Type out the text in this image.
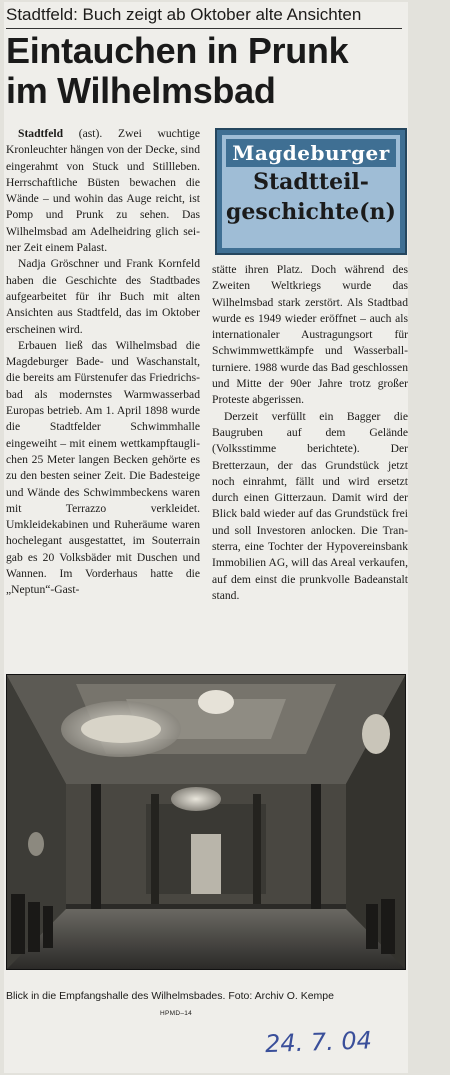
Stadtfeld: Buch zeigt ab Oktober alte Ansichten
Eintauchen in Prunk
im Wilhelmsbad

Stadtfeld (ast). Zwei wuchtige Kronleuchter hängen von der Decke, sind eingerahmt von Stuck und Stillleben. Herrschaftliche Büsten bewachen die Wände – und wohin das Auge reicht, ist Pomp und Prunk zu sehen. Das Wilhelmsbad am Adelheidring glich seiner Zeit einem Palast.

Nadja Gröschner und Frank Kornfeld haben die Geschichte des Stadtbades aufgearbeitet für ihr Buch mit alten Ansichten aus Stadtfeld, das im Oktober erscheinen wird.

Erbauen ließ das Wilhelmsbad die Magdeburger Bade- und Waschanstalt, die bereits am Fürstenufer das Friedrichsbad als modernstes Warmwasserbad Europas betrieb. Am 1. April 1898 wurde die Stadtfelder Schwimmhalle eingeweiht – mit einem wettkampftauglichen 25 Meter langen Becken gehörte es zu den besten seiner Zeit. Die Badesteige und Wände des Schwimmbeckens waren mit Terrazzo verkleidet. Umkleidekabinen und Ruheräume waren hochelegant ausgestattet, im Souterrain gab es 20 Volksbäder mit Duschen und Wannen. Im Vorderhaus hatte die „Neptun“-Gast-

Magdeburger
Stadtteil-
geschichte(n)

stätte ihren Platz. Doch während des Zweiten Weltkriegs wurde das Wilhelmsbad stark zerstört. Als Stadtbad wurde es 1949 wieder eröffnet – auch als internationaler Austragungsort für Schwimmwettkämpfe und Wasserballturniere. 1988 wurde das Bad geschlossen und Mitte der 90er Jahre trotz großer Proteste abgerissen.

Derzeit verfüllt ein Bagger die Baugruben auf dem Gelände (Volksstimme berichtete). Der Bretterzaun, der das Grundstück jetzt noch einrahmt, fällt und wird ersetzt durch einen Gitterzaun. Damit wird der Blick bald wieder auf das Grundstück frei und soll Investoren anlocken. Die Transterra, eine Tochter der Hypovereinsbank Immobilien AG, will das Areal verkaufen, auf dem einst die prunkvolle Badeanstalt stand.

Blick in die Empfangshalle des Wilhelmsbades. Foto: Archiv O. Kempe
HPMD–14
24. 7. 04
